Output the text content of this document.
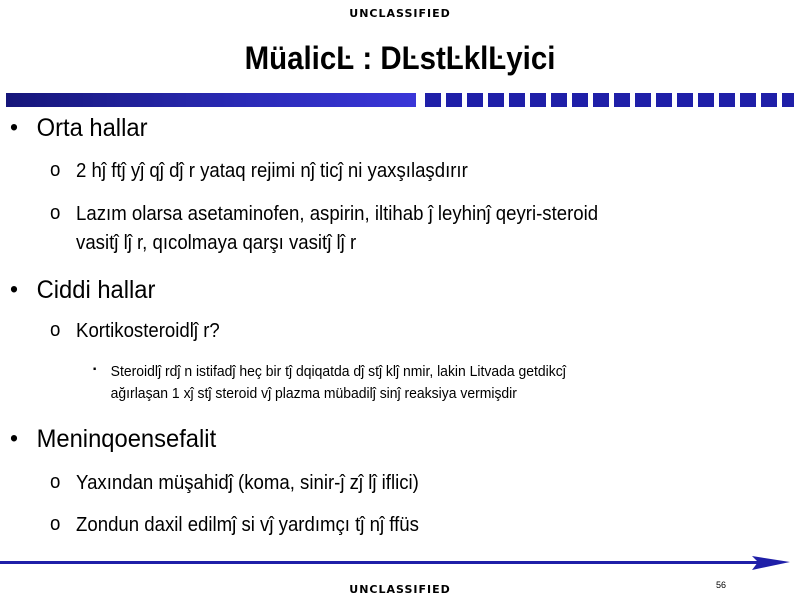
UNCLASSIFIED
MüalicĿ : DĿstĿklĿyici
• Orta hallar
o 2 hĵ ftĵ yĵ qĵ dĵ r yataq rejimi nĵ ticĵ ni yaxşılaşdırır
o Lazım olarsa asetaminofen, aspirin, iltihab ĵ leyhinĵ qeyri-steroid
vasitĵ lĵ r, qıcolmaya qarşı vasitĵ lĵ r
• Ciddi hallar
o Kortikosteroidlĵ r?
▪ Steroidlĵ rdĵ n istifadĵ heç bir tĵ dqiqatda dĵ stĵ klĵ nmir, lakin Litvada getdikcĵ
ağırlaşan 1 xĵ stĵ steroid vĵ plazma mübadilĵ sinĵ reaksiya vermişdir
• Meninqoensefalit
o Yaxından müşahidĵ (koma, sinir-ĵ zĵ lĵ iflici)
o Zondun daxil edilmĵ si vĵ yardımçı tĵ nĵ ffüs
56
UNCLASSIFIED
